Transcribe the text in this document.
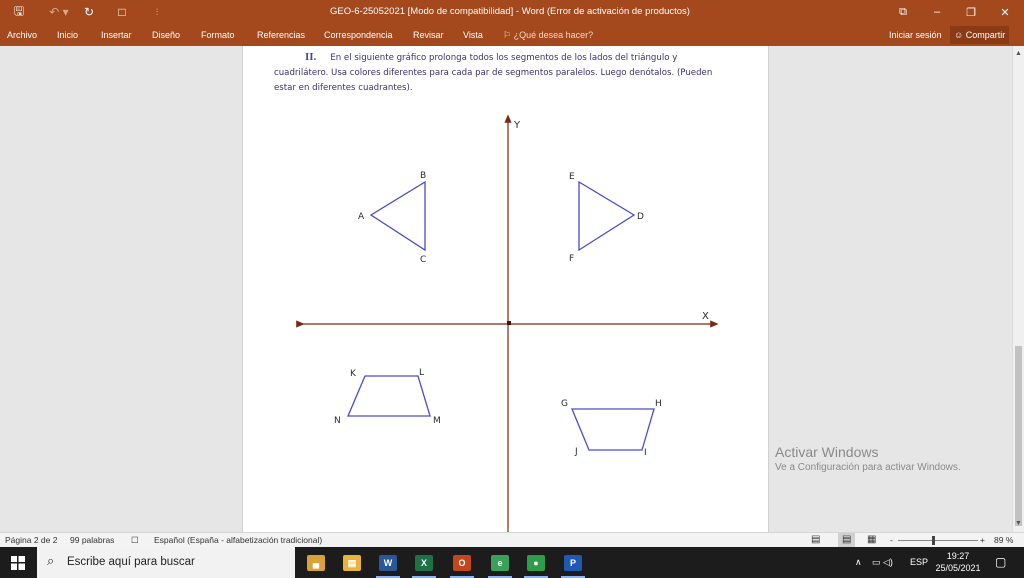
🖫	↶ ▾	↻	□	⫶	GEO-6-25052021 [Modo de compatibilidad] - Word (Error de activación de productos)	⧉	–	❐	✕
Archivo Inicio	Insertar Diseño Formato Referencias Correspondencia Revisar Vista ⚐ ¿Qué desea hacer?	Iniciar sesión	☺ Compartir
II. En el siguiente gráfico prolonga todos los segmentos de los lados del triángulo y cuadrilátero. Usa colores diferentes para cada par de segmentos paralelos. Luego denótalos. (Pueden estar en diferentes cuadrantes).
Y
X
A
B
C
E
D
F
K	L
M
N
G	H
I
J	Activar Windows
Ve a Configuración para activar Windows.
▲
▼
Página 2 de 2 99 palabras ☐ Español (España - alfabetización tradicional)	▤	▤	▦ -	+ 89 %
⌕ Escribe aquí para buscar	▄	▤	W	X	O	e	●	P	∧ ▭ ◁) ESP
19:27
25/05/2021	▢
